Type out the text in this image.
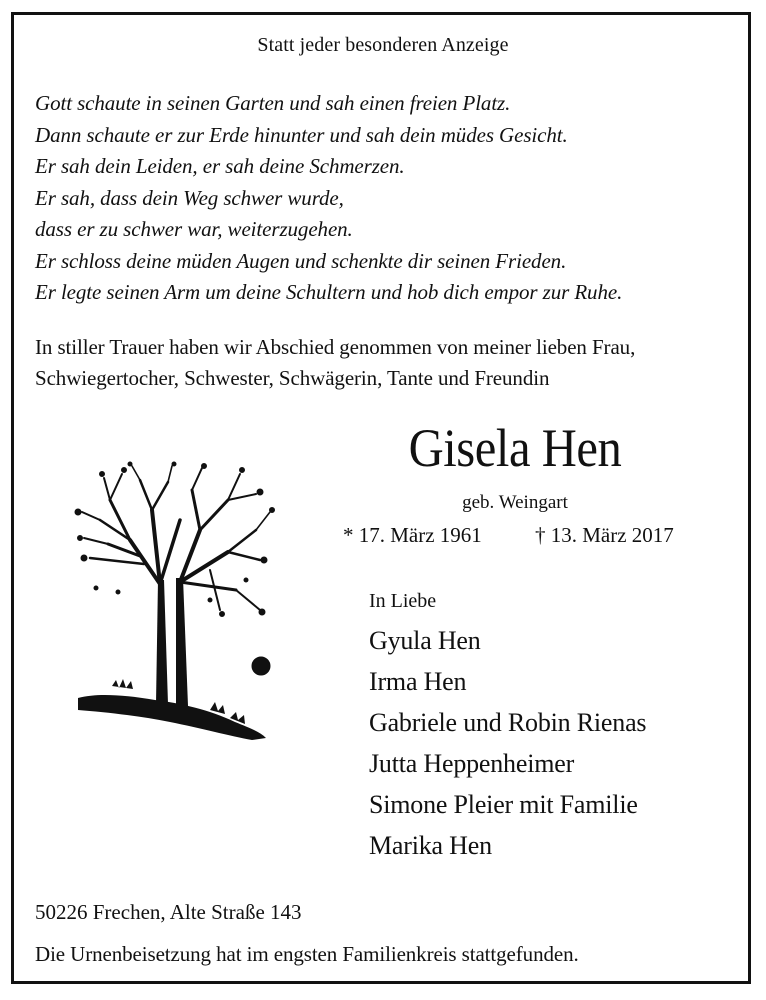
Statt jeder besonderen Anzeige
Gott schaute in seinen Garten und sah einen freien Platz.
Dann schaute er zur Erde hinunter und sah dein müdes Gesicht.
Er sah dein Leiden, er sah deine Schmerzen.
Er sah, dass dein Weg schwer wurde,
dass er zu schwer war, weiterzugehen.
Er schloss deine müden Augen und schenkte dir seinen Frieden.
Er legte seinen Arm um deine Schultern und hob dich empor zur Ruhe.
In stiller Trauer haben wir Abschied genommen von meiner lieben Frau,
Schwiegertocher, Schwester, Schwägerin, Tante und Freundin
Gisela Hen
geb. Weingart
* 17. März 1961	† 13. März 2017
In Liebe
Gyula Hen
Irma Hen
Gabriele und Robin Rienas
Jutta Heppenheimer
Simone Pleier mit Familie
Marika Hen
50226 Frechen, Alte Straße 143
Die Urnenbeisetzung hat im engsten Familienkreis stattgefunden.
